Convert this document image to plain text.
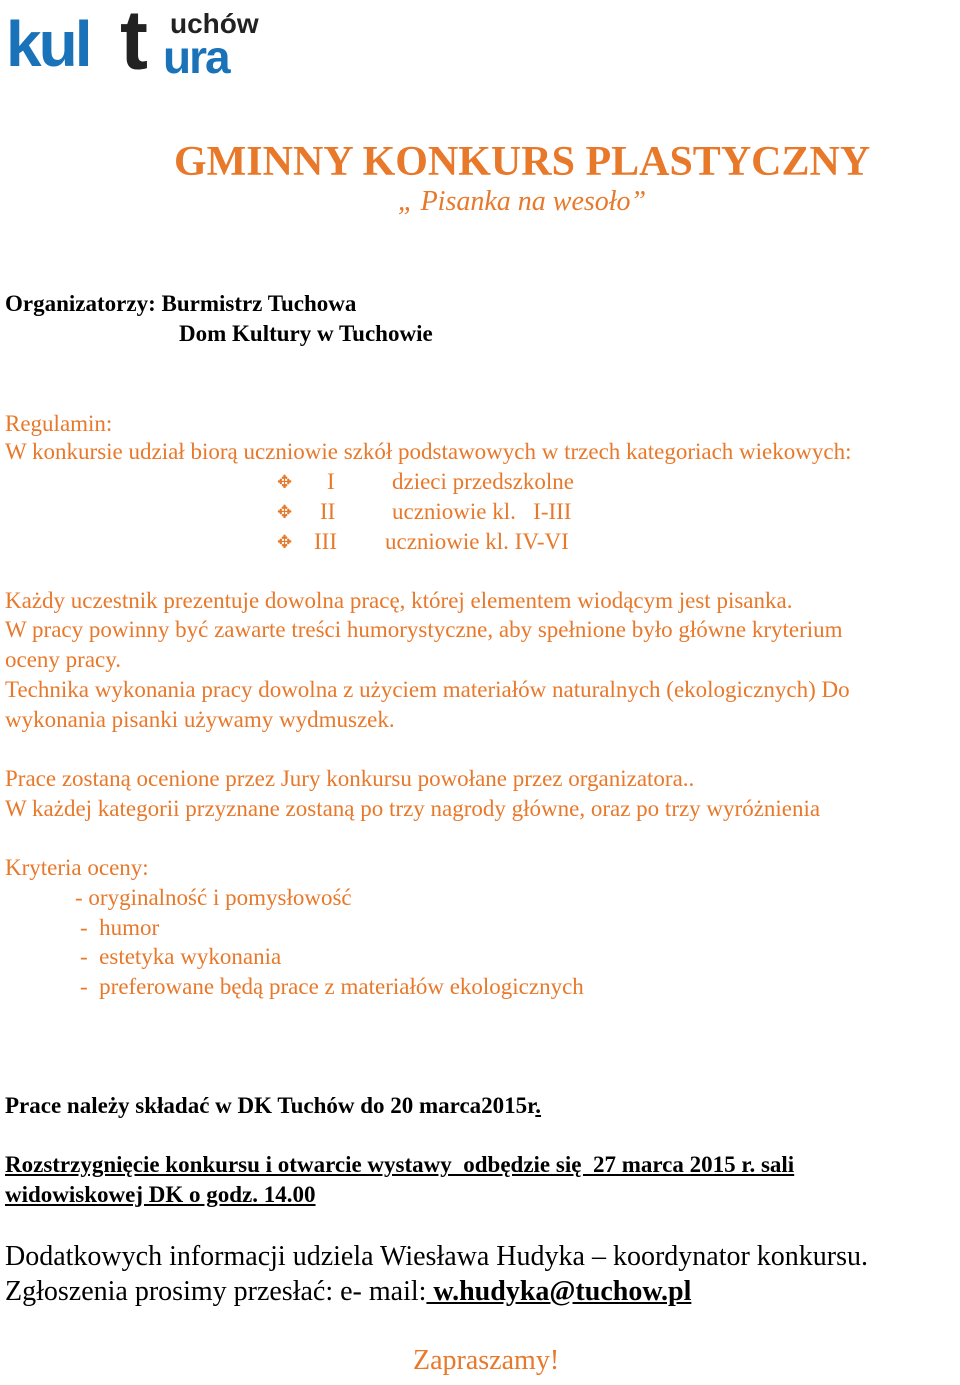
kul t uchów
ura
GMINNY KONKURS PLASTYCZNY
„ Pisanka na wesoło”
Organizatorzy: Burmistrz Tuchowa
Dom Kultury w Tuchowie
Regulamin:
W konkursie udział biorą uczniowie szkół podstawowych w trzech kategoriach wiekowych:
✥ I dzieci przedszkolne
✥ II uczniowie kl.   I-III
✥ III uczniowie kl. IV-VI
Każdy uczestnik prezentuje dowolna pracę, której elementem wiodącym jest pisanka.
W pracy powinny być zawarte treści humorystyczne, aby spełnione było główne kryterium
oceny pracy.
Technika wykonania pracy dowolna z użyciem materiałów naturalnych (ekologicznych) Do
wykonania pisanki używamy wydmuszek.
Prace zostaną ocenione przez Jury konkursu powołane przez organizatora..
W każdej kategorii przyznane zostaną po trzy nagrody główne, oraz po trzy wyróżnienia
Kryteria oceny:
- oryginalność i pomysłowość
-  humor
-  estetyka wykonania
-  preferowane będą prace z materiałów ekologicznych
Prace należy składać w DK Tuchów do 20 marca2015r.
Rozstrzygnięcie konkursu i otwarcie wystawy  odbędzie się  27 marca 2015 r. sali
widowiskowej DK o godz. 14.00
Dodatkowych informacji udziela Wiesława Hudyka – koordynator konkursu.
Zgłoszenia prosimy przesłać: e- mail: w.hudyka@tuchow.pl
Zapraszamy!
